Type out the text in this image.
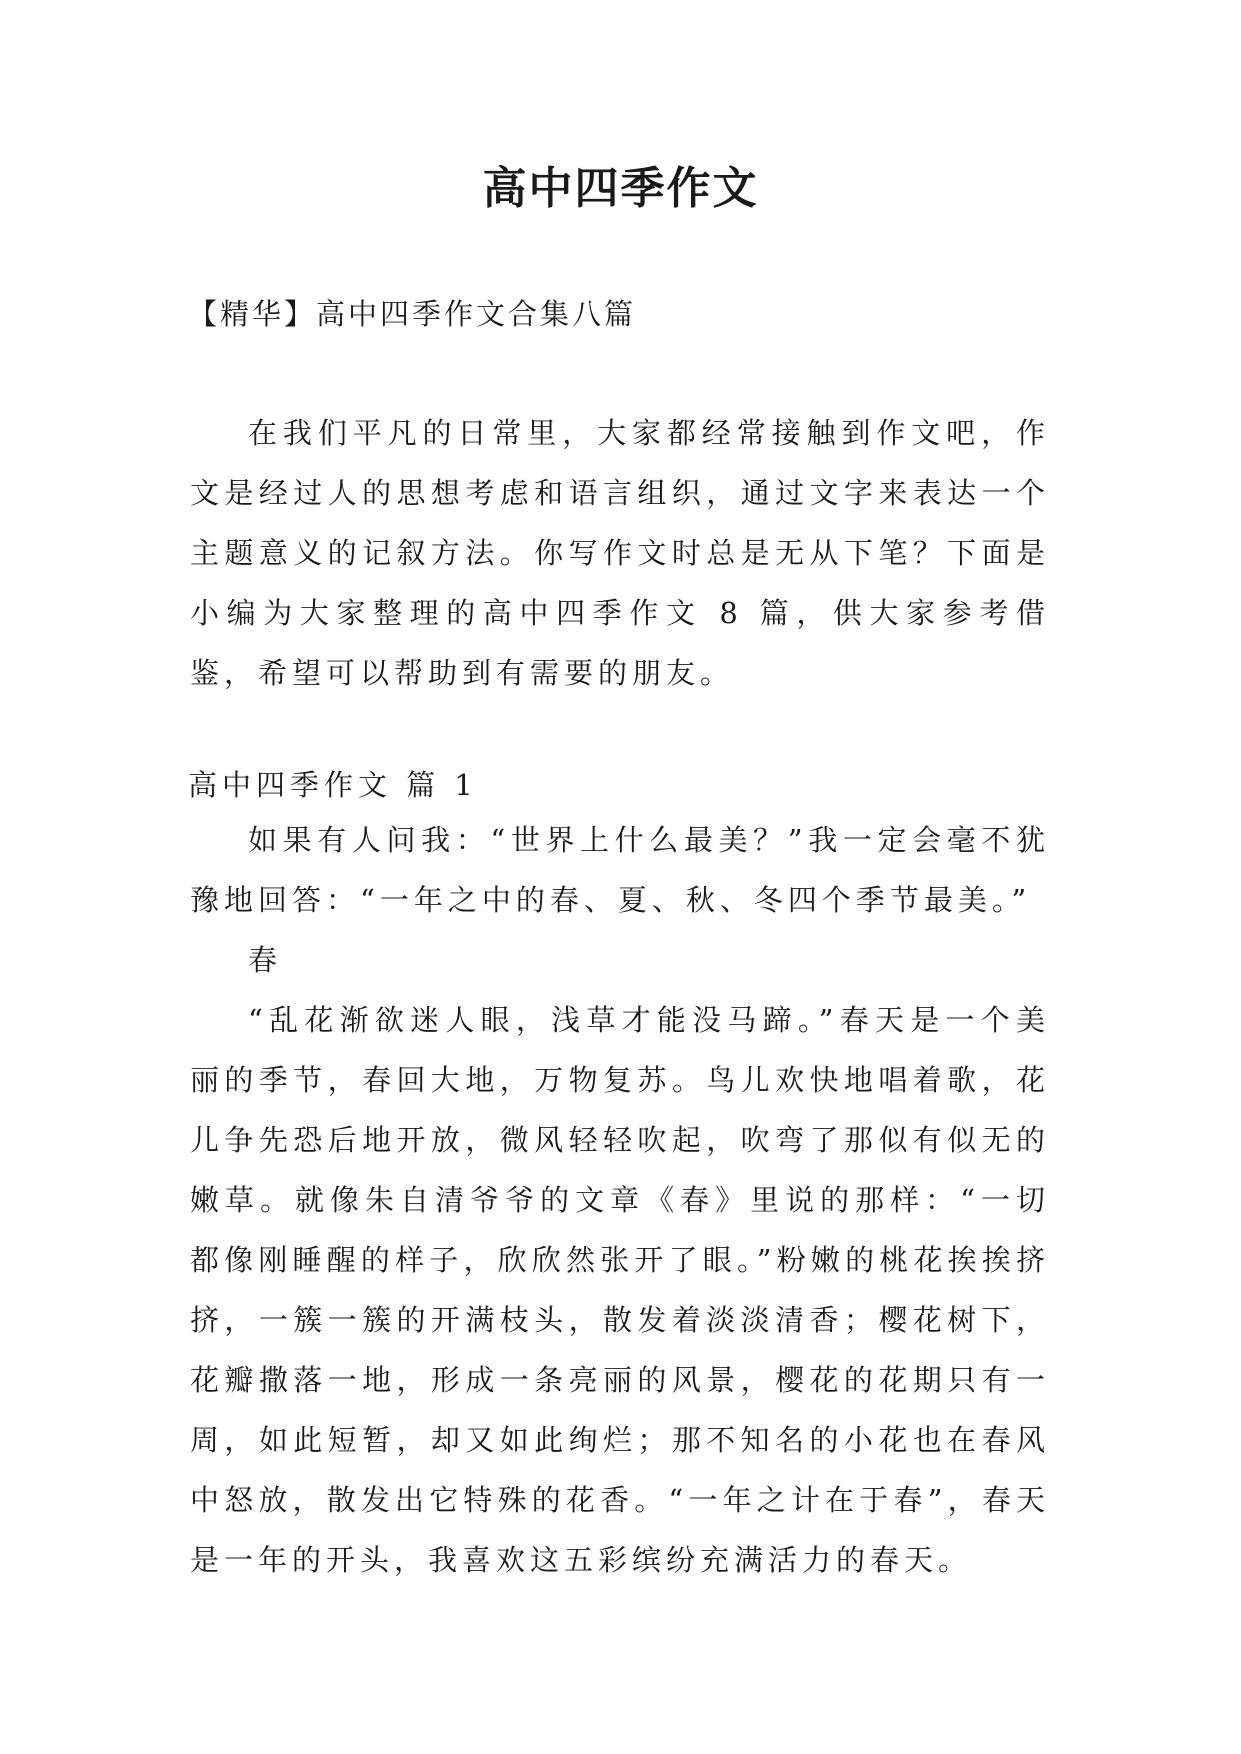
高中四季作文
【精华】高中四季作文合集八篇

在我们平凡的日常里，大家都经常接触到作文吧，作文是经过人的思想考虑和语言组织，通过文字来表达一个主题意义的记叙方法。你写作文时总是无从下笔？下面是小编为大家整理的高中四季作文 8 篇，供大家参考借鉴，希望可以帮助到有需要的朋友。

高中四季作文 篇 1

如果有人问我：“世界上什么最美？”我一定会毫不犹豫地回答：“一年之中的春、夏、秋、冬四个季节最美。”

春

“乱花渐欲迷人眼，浅草才能没马蹄。”春天是一个美丽的季节，春回大地，万物复苏。鸟儿欢快地唱着歌，花儿争先恐后地开放，微风轻轻吹起，吹弯了那似有似无的嫩草。就像朱自清爷爷的文章《春》里说的那样：“一切都像刚睡醒的样子，欣欣然张开了眼。”粉嫩的桃花挨挨挤挤，一簇一簇的开满枝头，散发着淡淡清香；樱花树下，花瓣撒落一地，形成一条亮丽的风景，樱花的花期只有一周，如此短暂，却又如此绚烂；那不知名的小花也在春风中怒放，散发出它特殊的花香。“一年之计在于春”，春天是一年的开头，我喜欢这五彩缤纷充满活力的春天。
